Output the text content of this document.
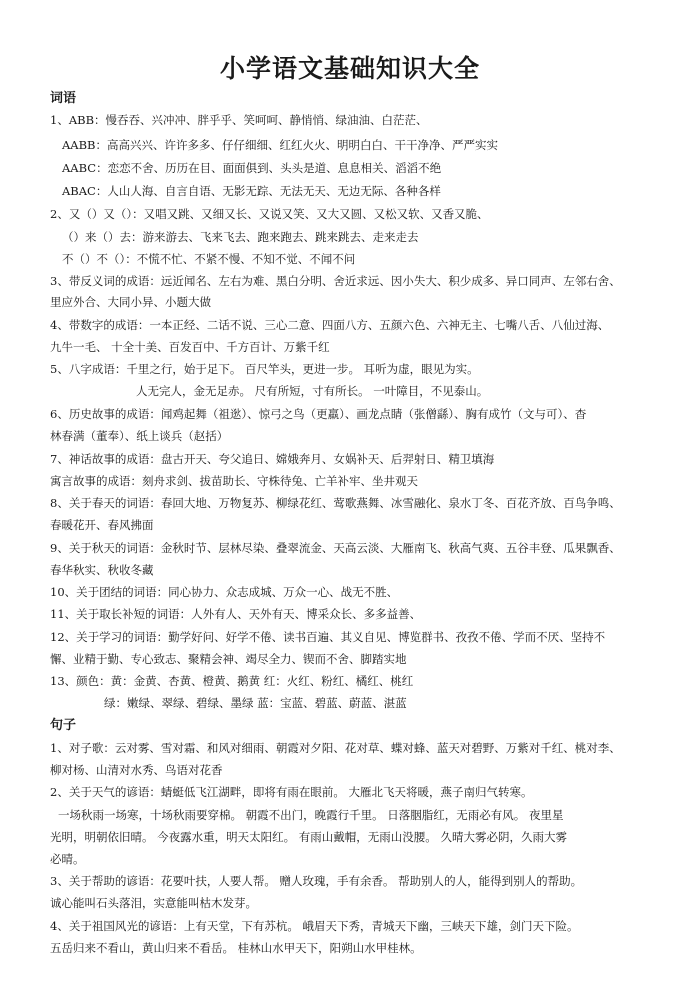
小学语文基础知识大全
词语
1、ABB：慢吞吞、兴冲冲、胖乎乎、笑呵呵、静悄悄、绿油油、白茫茫、
AABB：高高兴兴、许许多多、仔仔细细、红红火火、明明白白、干干净净、严严实实
AABC：恋恋不舍、历历在目、面面俱到、头头是道、息息相关、滔滔不绝
ABAC：人山人海、自言自语、无影无踪、无法无天、无边无际、各种各样
2、又（）又（）：又唱又跳、又细又长、又说又笑、又大又圆、又松又软、又香又脆、
（）来（）去：游来游去、飞来飞去、跑来跑去、跳来跳去、走来走去
不（）不（）：不慌不忙、不紧不慢、不知不觉、不闻不问
3、带反义词的成语：远近闻名、左右为难、黑白分明、舍近求远、因小失大、积少成多、异口同声、左邻右舍、
里应外合、大同小异、小题大做
4、带数字的成语：一本正经、二话不说、三心二意、四面八方、五颜六色、六神无主、七嘴八舌、八仙过海、
九牛一毛、 十全十美、百发百中、千方百计、万紫千红
5、八字成语：千里之行，始于足下。 百尺竿头，更进一步。 耳听为虚，眼见为实。
人无完人，金无足赤。 尺有所短，寸有所长。 一叶障目，不见泰山。
6、历史故事的成语：闻鸡起舞（祖逖）、惊弓之鸟（更羸）、画龙点睛（张僧繇）、胸有成竹（文与可）、杳
林春满（董奉）、纸上谈兵（赵括）
7、神话故事的成语：盘古开天、夸父追日、嫦娥奔月、女娲补天、后羿射日、精卫填海
寓言故事的成语：刻舟求剑、拔苗助长、守株待兔、亡羊补牢、坐井观天
8、关于春天的词语：春回大地、万物复苏、柳绿花红、莺歌燕舞、冰雪融化、泉水丁冬、百花齐放、百鸟争鸣、
春暖花开、春风拂面
9、关于秋天的词语：金秋时节、层林尽染、叠翠流金、天高云淡、大雁南飞、秋高气爽、五谷丰登、瓜果飘香、
春华秋实、秋收冬藏
10、关于团结的词语：同心协力、众志成城、万众一心、战无不胜、
11、关于取长补短的词语：人外有人、天外有天、博采众长、多多益善、
12、关于学习的词语：勤学好问、好学不倦、读书百遍、其义自见、博览群书、孜孜不倦、学而不厌、坚持不
懈、业精于勤、专心致志、聚精会神、竭尽全力、锲而不舍、脚踏实地
13、颜色：黄：金黄、杏黄、橙黄、鹅黄 红：火红、粉红、橘红、桃红
绿：嫩绿、翠绿、碧绿、墨绿 蓝：宝蓝、碧蓝、蔚蓝、湛蓝
句子
1、对子歌：云对雾、雪对霜、和风对细雨、朝霞对夕阳、花对草、蝶对蜂、蓝天对碧野、万紫对千红、桃对李、
柳对杨、山清对水秀、鸟语对花香
2、关于天气的谚语：蜻蜓低飞江湖畔，即将有雨在眼前。 大雁北飞天将暖，燕子南归气转寒。
一场秋雨一场寒，十场秋雨要穿棉。 朝霞不出门，晚霞行千里。 日落胭脂红，无雨必有风。 夜里星
光明，明朝依旧晴。 今夜露水重，明天太阳红。 有雨山戴帽，无雨山没腰。 久晴大雾必阴，久雨大雾
必晴。
3、关于帮助的谚语：花要叶扶，人要人帮。 赠人玫瑰，手有余香。 帮助别人的人，能得到别人的帮助。
诚心能叫石头落泪，实意能叫枯木发芽。
4、关于祖国风光的谚语：上有天堂，下有苏杭。 峨眉天下秀，青城天下幽，三峡天下雄，剑门天下险。
五岳归来不看山，黄山归来不看岳。 桂林山水甲天下，阳朔山水甲桂林。
